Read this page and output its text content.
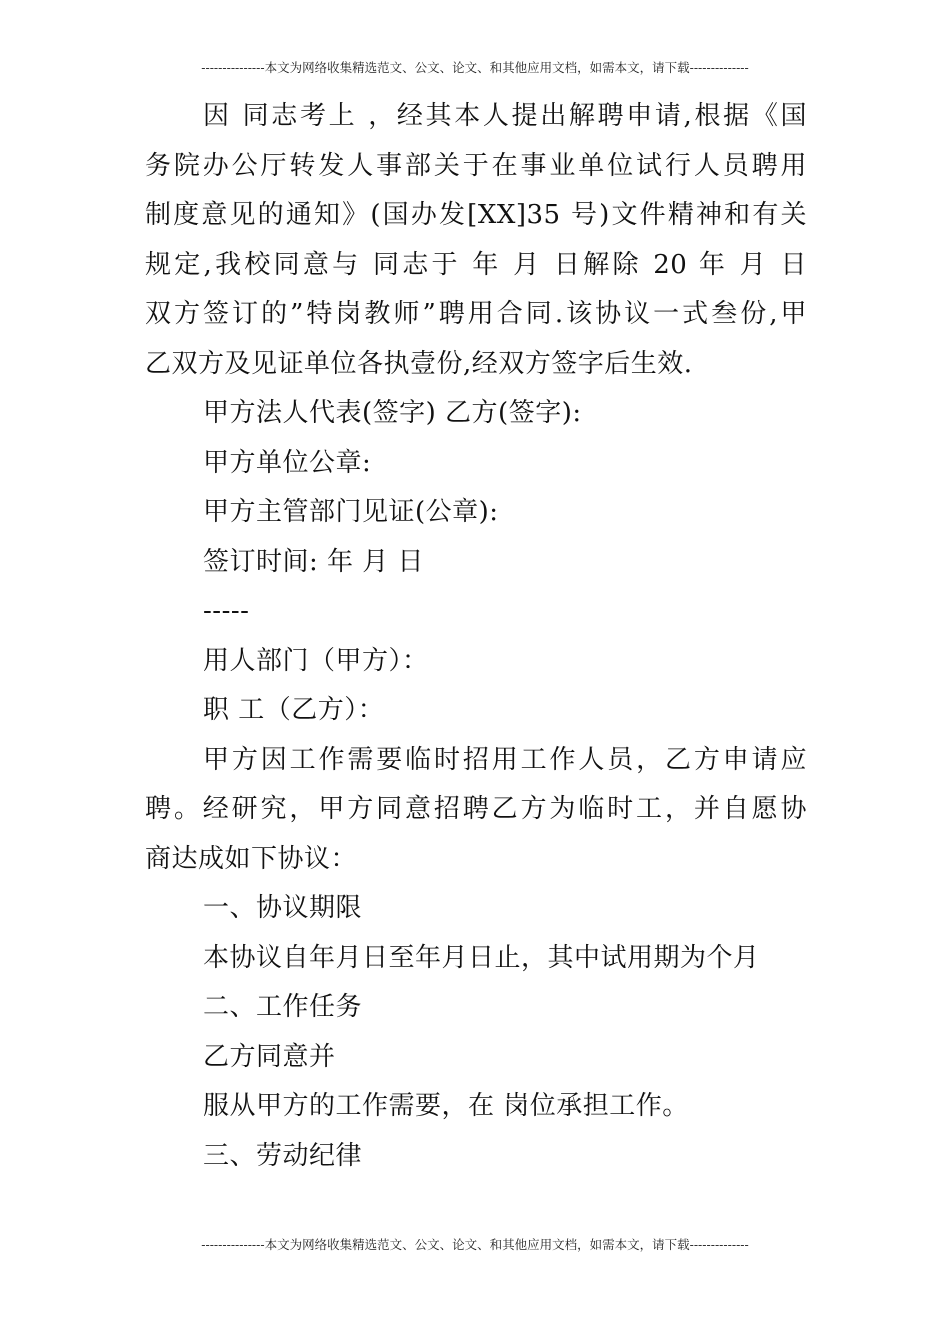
---------------本文为网络收集精选范文、公文、论文、和其他应用文档，如需本文，请下载--------------
因 同志考上 ，经其本人提出解聘申请,根据《国
务院办公厅转发人事部关于在事业单位试行人员聘用
制度意见的通知》(国办发[XX]35 号)文件精神和有关
规定,我校同意与 同志于 年 月 日解除 20 年 月 日
双方签订的”特岗教师”聘用合同.该协议一式叁份,甲
乙双方及见证单位各执壹份,经双方签字后生效.
甲方法人代表(签字) 乙方(签字):
甲方单位公章:
甲方主管部门见证(公章):
签订时间: 年 月 日
-----
用人部门（甲方）：
职 工（乙方）：
甲方因工作需要临时招用工作人员，乙方申请应
聘。经研究，甲方同意招聘乙方为临时工，并自愿协
商达成如下协议：
一、协议期限
本协议自年月日至年月日止，其中试用期为个月
二、工作任务
乙方同意并
服从甲方的工作需要，在 岗位承担工作。
三、劳动纪律
---------------本文为网络收集精选范文、公文、论文、和其他应用文档，如需本文，请下载--------------
